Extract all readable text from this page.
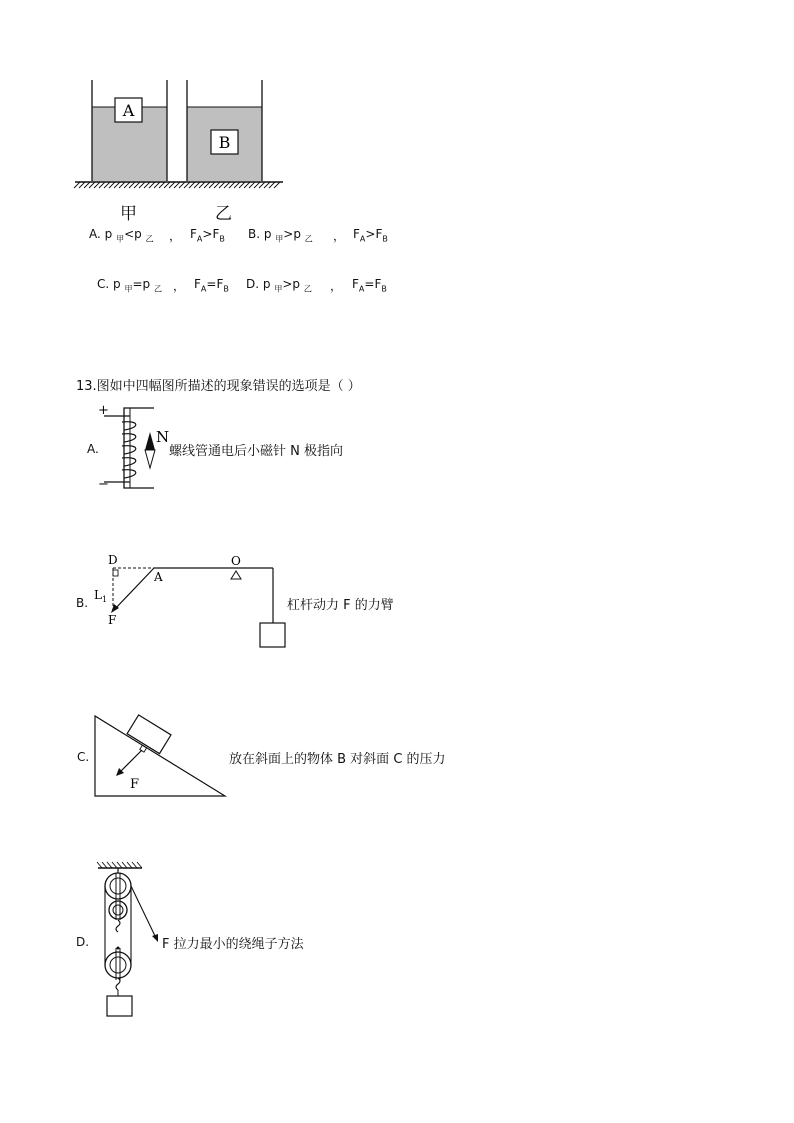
A
B
甲	乙
A. p $_甲$<p $_乙$ ， $F_A>F_B$ B. p $_甲$>p $_乙$ ， $F_A>F_B$
C. p $_甲$=p $_乙$ ， $F_A=F_B$ D. p $_甲$>p $_乙$ ， $F_A=F_B$
13.图如中四幅图所描述的现象错误的选项是（ ）
A.
+
−
N
螺线管通电后小磁针 N 极指向
B.
D	O
A
$L_1$
F
杠杆动力 F 的力臂
C.
F
放在斜面上的物体 B 对斜面 C 的压力
D.	F 拉力最小的绕绳子方法
